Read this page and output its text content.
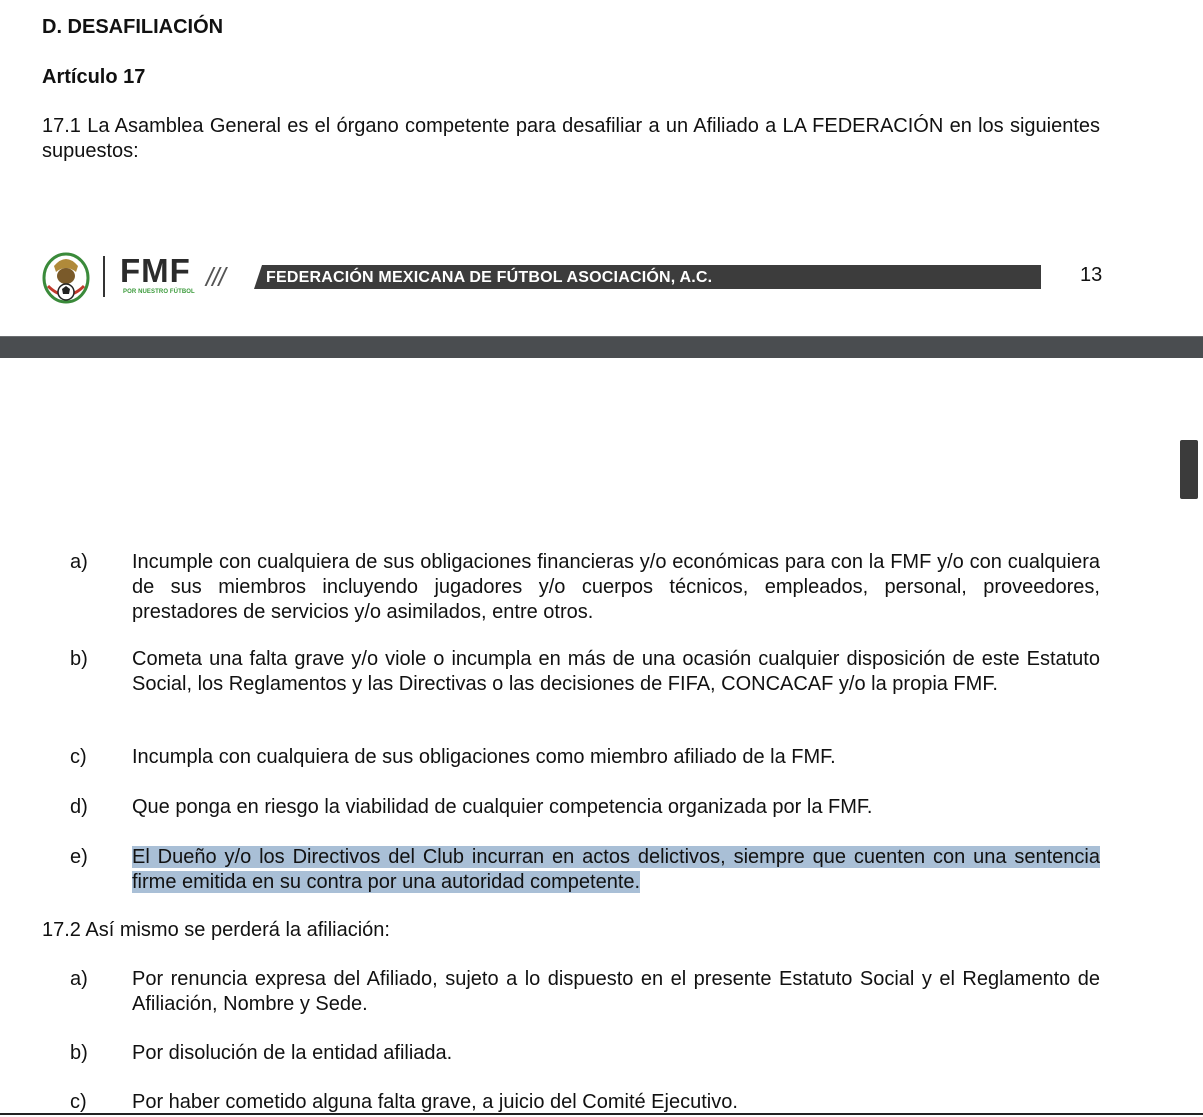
D. DESAFILIACIÓN
Artículo 17
17.1 La Asamblea General es el órgano competente para desafiliar a un Afiliado a LA FEDERACIÓN en los siguientes supuestos:
FMF
POR NUESTRO FÚTBOL ///	FEDERACIÓN MEXICANA DE FÚTBOL ASOCIACIÓN, A.C.	13
a) Incumple con cualquiera de sus obligaciones financieras y/o económicas para con la FMF y/o con cualquiera de sus miembros incluyendo jugadores y/o cuerpos técnicos, empleados, personal, proveedores, prestadores de servicios y/o asimilados, entre otros.
b) Cometa una falta grave y/o viole o incumpla en más de una ocasión cualquier disposición de este Estatuto Social, los Reglamentos y las Directivas o las decisiones de FIFA, CONCACAF y/o la propia FMF.
c) Incumpla con cualquiera de sus obligaciones como miembro afiliado de la FMF.
d) Que ponga en riesgo la viabilidad de cualquier competencia organizada por la FMF.
e) El Dueño y/o los Directivos del Club incurran en actos delictivos, siempre que cuenten con una sentencia firme emitida en su contra por una autoridad competente.
17.2 Así mismo se perderá la afiliación:
a) Por renuncia expresa del Afiliado, sujeto a lo dispuesto en el presente Estatuto Social y el Reglamento de Afiliación, Nombre y Sede.
b) Por disolución de la entidad afiliada.
c) Por haber cometido alguna falta grave, a juicio del Comité Ejecutivo.
